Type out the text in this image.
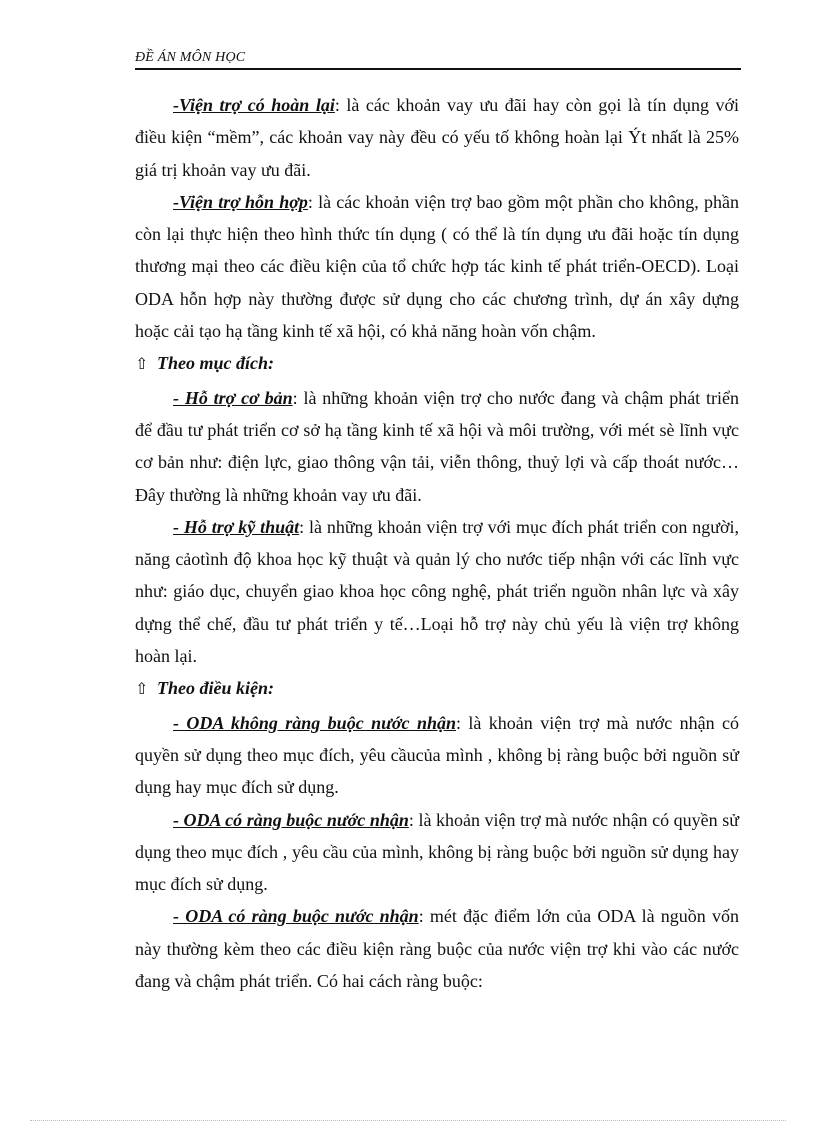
ĐỀ ÁN MÔN HỌC

-Viện trợ có hoàn lại: là các khoản vay ưu đãi hay còn gọi là tín dụng với điều kiện “mềm”, các khoản vay này đều có yếu tố không hoàn lại Ýt nhất là 25% giá trị khoản vay ưu đãi.

-Viện trợ hỗn hợp: là các khoản viện trợ bao gồm một phần cho không, phần còn lại thực hiện theo hình thức tín dụng ( có thể là tín dụng ưu đãi hoặc tín dụng thương mại theo các điều kiện của tổ chức hợp tác kinh tế phát triển-OECD). Loại ODA hỗn hợp này thường được sử dụng cho các chương trình, dự án xây dựng hoặc cải tạo hạ tầng kinh tế xã hội, có khả năng hoàn vốn chậm.

⇧ Theo mục đích:

- Hỗ trợ cơ bản: là những khoản viện trợ cho nước đang và chậm phát triển để đầu tư phát triển cơ sở hạ tầng kinh tế xã hội và môi trường, với mét sè lĩnh vực cơ bản như: điện lực, giao thông vận tải, viễn thông, thuỷ lợi và cấp thoát nước…Đây thường là những khoản vay ưu đãi.

- Hỗ trợ kỹ thuật: là những khoản viện trợ với mục đích phát triển con người, năng cảotình độ khoa học kỹ thuật và quản lý cho nước tiếp nhận với các lĩnh vực như: giáo dục, chuyển giao khoa học công nghệ, phát triển nguồn nhân lực và xây dựng thể chế, đầu tư phát triển y tế…Loại hỗ trợ này chủ yếu là viện trợ không hoàn lại.

⇧ Theo điều kiện:

- ODA không ràng buộc nước nhận: là khoản viện trợ mà nước nhận có quyền sử dụng theo mục đích, yêu cầucủa mình , không bị ràng buộc bởi nguồn sử dụng hay mục đích sử dụng.

- ODA có ràng buộc nước nhận: là khoản viện trợ mà nước nhận có quyền sử dụng theo mục đích , yêu cầu của mình, không bị ràng buộc bởi nguồn sử dụng hay mục đích sử dụng.

- ODA có ràng buộc nước nhận: mét đặc điểm lớn của ODA là nguồn vốn này thường kèm theo các điều kiện ràng buộc của nước viện trợ khi vào các nước đang và chậm phát triển. Có hai cách ràng buộc:
